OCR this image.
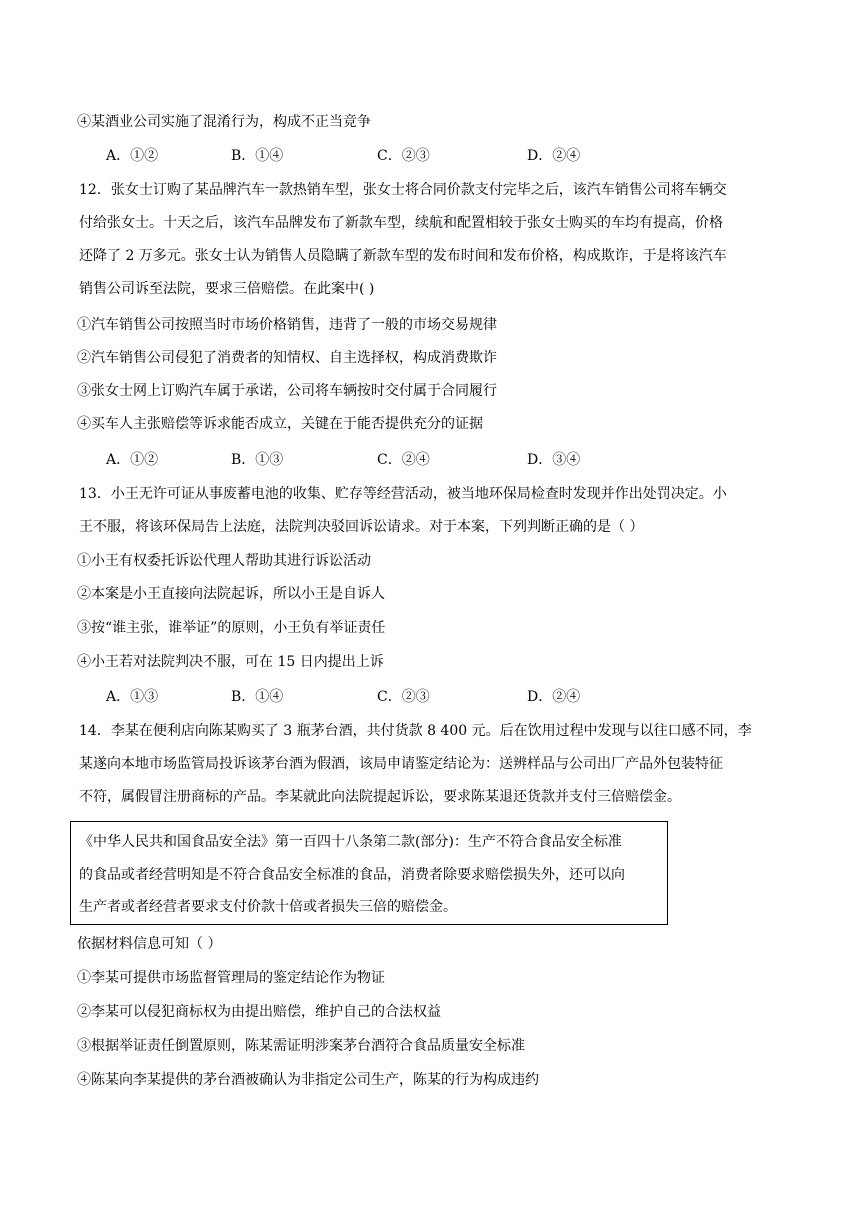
④某酒业公司实施了混淆行为，构成不正当竞争
A．①②	B．①④	C．②③	D．②④
12．张女士订购了某品牌汽车一款热销车型，张女士将合同价款支付完毕之后，该汽车销售公司将车辆交
付给张女士。十天之后，该汽车品牌发布了新款车型，续航和配置相较于张女士购买的车均有提高，价格
还降了 2 万多元。张女士认为销售人员隐瞒了新款车型的发布时间和发布价格，构成欺诈，于是将该汽车
销售公司诉至法院，要求三倍赔偿。在此案中( )
①汽车销售公司按照当时市场价格销售，违背了一般的市场交易规律
②汽车销售公司侵犯了消费者的知情权、自主选择权，构成消费欺诈
③张女士网上订购汽车属于承诺，公司将车辆按时交付属于合同履行
④买车人主张赔偿等诉求能否成立，关键在于能否提供充分的证据
A．①②	B．①③	C．②④	D．③④
13．小王无许可证从事废蓄电池的收集、贮存等经营活动，被当地环保局检查时发现并作出处罚决定。小
王不服，将该环保局告上法庭，法院判决驳回诉讼请求。对于本案，下列判断正确的是（ ）
①小王有权委托诉讼代理人帮助其进行诉讼活动
②本案是小王直接向法院起诉，所以小王是自诉人
③按“谁主张，谁举证”的原则，小王负有举证责任
④小王若对法院判决不服，可在 15 日内提出上诉
A．①③	B．①④	C．②③	D．②④
14．李某在便利店向陈某购买了 3 瓶茅台酒，共付货款 8 400 元。后在饮用过程中发现与以往口感不同，李
某遂向本地市场监管局投诉该茅台酒为假酒，该局申请鉴定结论为：送辨样品与公司出厂产品外包装特征
不符，属假冒注册商标的产品。李某就此向法院提起诉讼，要求陈某退还货款并支付三倍赔偿金。
《中华人民共和国食品安全法》第一百四十八条第二款(部分)：生产不符合食品安全标准
的食品或者经营明知是不符合食品安全标准的食品，消费者除要求赔偿损失外，还可以向
生产者或者经营者要求支付价款十倍或者损失三倍的赔偿金。
依据材料信息可知（ ）
①李某可提供市场监督管理局的鉴定结论作为物证
②李某可以侵犯商标权为由提出赔偿，维护自己的合法权益
③根据举证责任倒置原则，陈某需证明涉案茅台酒符合食品质量安全标准
④陈某向李某提供的茅台酒被确认为非指定公司生产，陈某的行为构成违约
